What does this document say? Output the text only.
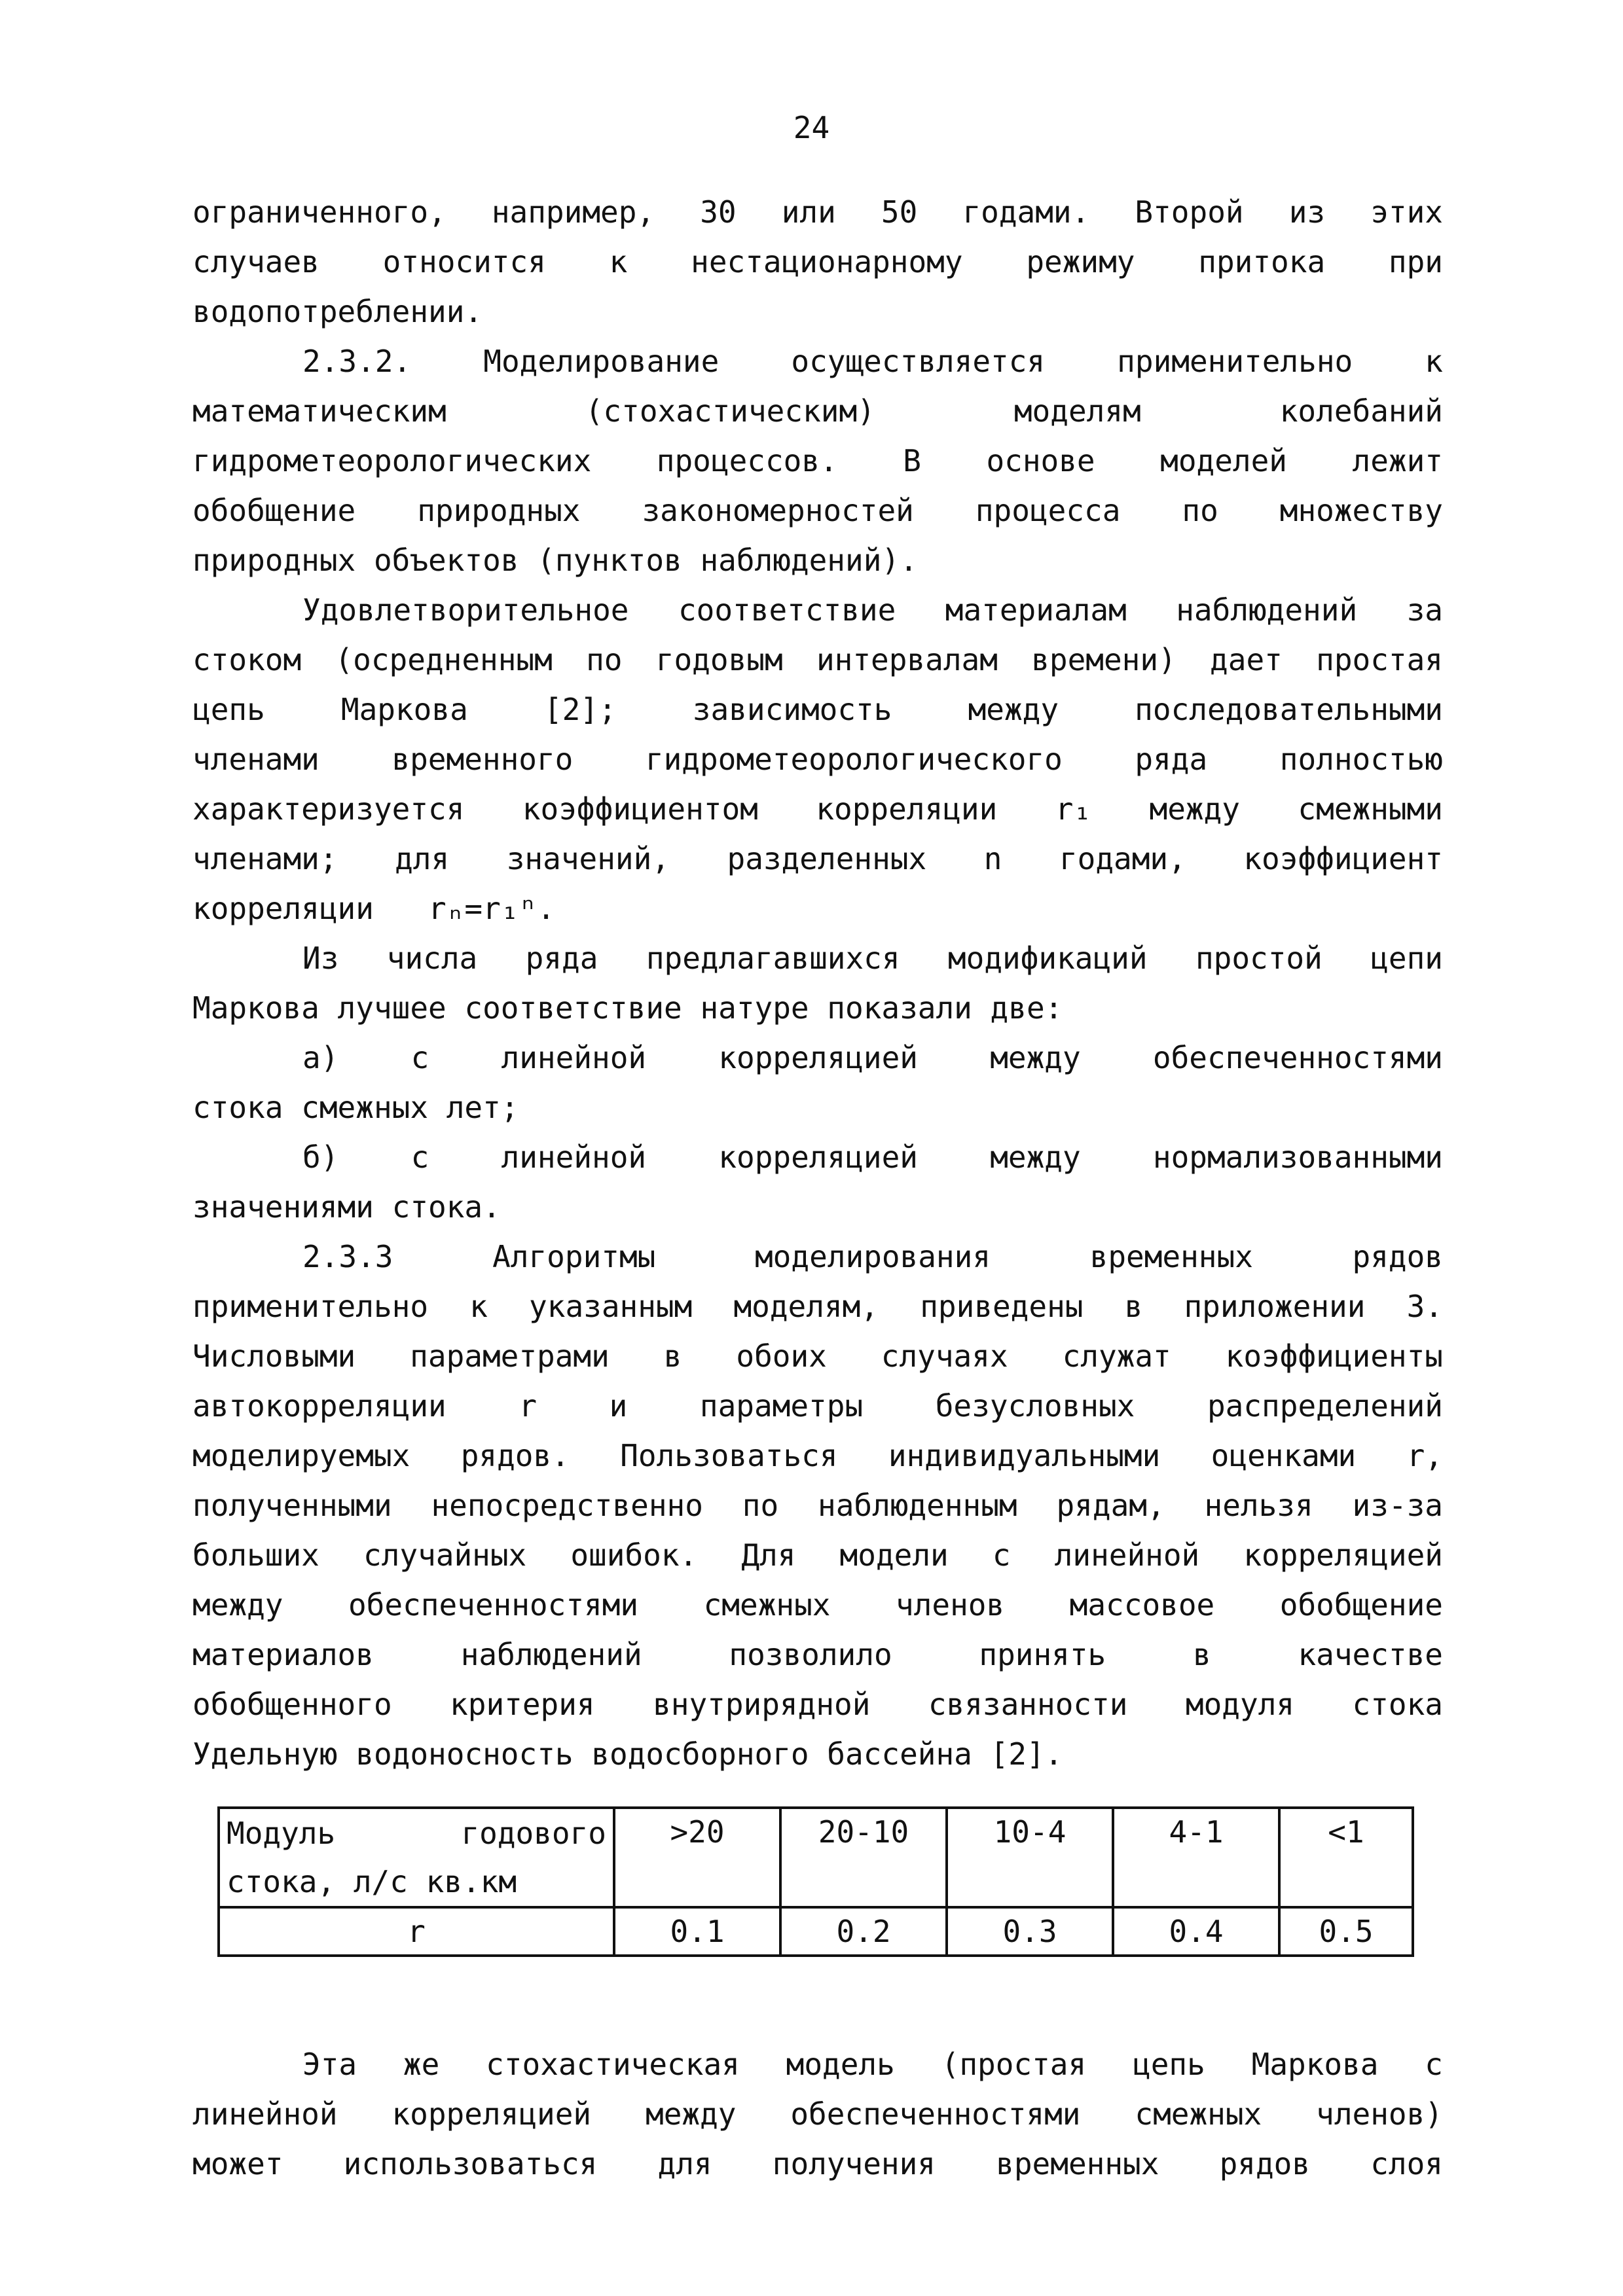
24

ограниченного, например, 30 или 50 годами. Второй из этих

случаев относится к нестационарному режиму притока при

водопотреблении.

2.3.2. Моделирование осуществляется применительно к

математическим (стохастическим) моделям колебаний

гидрометеорологических процессов. В основе моделей лежит

обобщение природных закономерностей процесса по множеству

природных объектов (пунктов наблюдений).

Удовлетворительное соответствие материалам наблюдений за

стоком (осредненным по годовым интервалам времени) дает простая

цепь Маркова [2]; зависимость между последовательными

членами временного гидрометеорологического ряда полностью

характеризуется коэффициентом корреляции r₁ между смежными

членами; для значений, разделенных n годами, коэффициент

корреляции rₙ=r₁ⁿ.

Из числа ряда предлагавшихся модификаций простой цепи

Маркова лучшее соответствие натуре показали две:

а) с линейной корреляцией между обеспеченностями

стока смежных лет;

б) с линейной корреляцией между нормализованными

значениями стока.

2.3.3 Алгоритмы моделирования временных рядов

применительно к указанным моделям, приведены в приложении 3.

Числовыми параметрами в обоих случаях служат коэффициенты

автокорреляции r и параметры безусловных распределений

моделируемых рядов. Пользоваться индивидуальными оценками r,

полученными непосредственно по наблюденным рядам, нельзя из-за

больших случайных ошибок. Для модели с линейной корреляцией

между обеспеченностями смежных членов массовое обобщение

материалов наблюдений позволило принять в качестве

обобщенного критерия внутрирядной связанности модуля стока

Удельную водоносность водосборного бассейна [2].

Модуль годового
стока, л/с кв.км	>20	20-10	10-4	4-1	<1
r	0.1	0.2	0.3	0.4	0.5

Эта же стохастическая модель (простая цепь Маркова с

линейной корреляцией между обеспеченностями смежных членов)

может использоваться для получения временных рядов слоя
